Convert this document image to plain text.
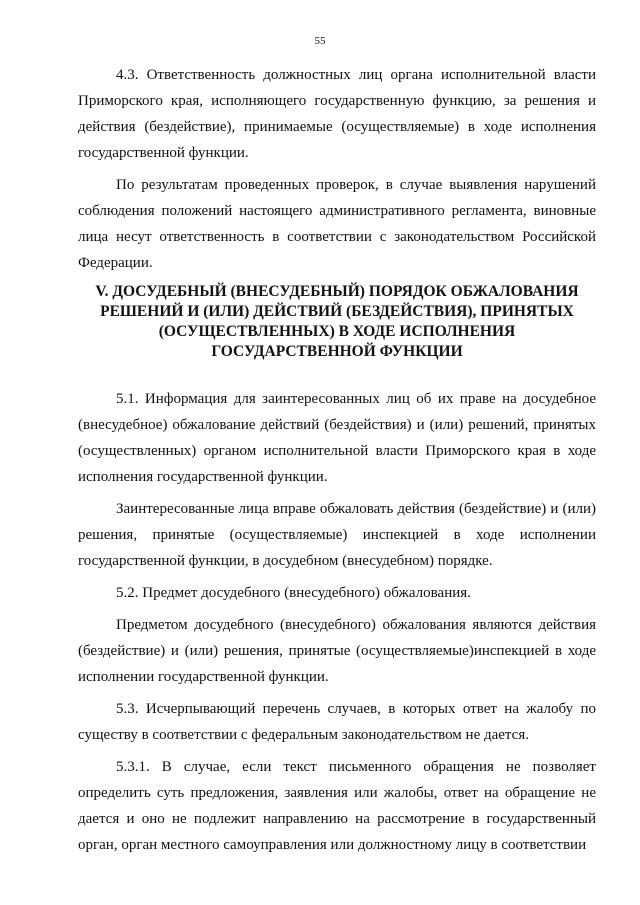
55

4.3. Ответственность должностных лиц органа исполнительной власти Приморского края, исполняющего государственную функцию, за решения и действия (бездействие), принимаемые (осуществляемые) в ходе исполнения государственной функции.

По результатам проведенных проверок, в случае выявления нарушений соблюдения положений настоящего административного регламента, виновные лица несут ответственность в соответствии с законодательством Российской Федерации.

V. ДОСУДЕБНЫЙ (ВНЕСУДЕБНЫЙ) ПОРЯДОК ОБЖАЛОВАНИЯ
РЕШЕНИЙ И (ИЛИ) ДЕЙСТВИЙ (БЕЗДЕЙСТВИЯ), ПРИНЯТЫХ
(ОСУЩЕСТВЛЕННЫХ) В ХОДЕ ИСПОЛНЕНИЯ
ГОСУДАРСТВЕННОЙ ФУНКЦИИ

5.1. Информация для заинтересованных лиц об их праве на досудебное (внесудебное) обжалование действий (бездействия) и (или) решений, принятых (осуществленных) органом исполнительной власти Приморского края в ходе исполнения государственной функции.

Заинтересованные лица вправе обжаловать действия (бездействие) и (или) решения, принятые (осуществляемые) инспекцией в ходе исполнении государственной функции, в досудебном (внесудебном) порядке.

5.2. Предмет досудебного (внесудебного) обжалования.

Предметом досудебного (внесудебного) обжалования являются действия (бездействие) и (или) решения, принятые (осуществляемые)инспекцией в ходе исполнении государственной функции.

5.3. Исчерпывающий перечень случаев, в которых ответ на жалобу по существу в соответствии с федеральным законодательством не дается.

5.3.1. В случае, если текст письменного обращения не позволяет определить суть предложения, заявления или жалобы, ответ на обращение не дается и оно не подлежит направлению на рассмотрение в государственный орган, орган местного самоуправления или должностному лицу в соответствии
